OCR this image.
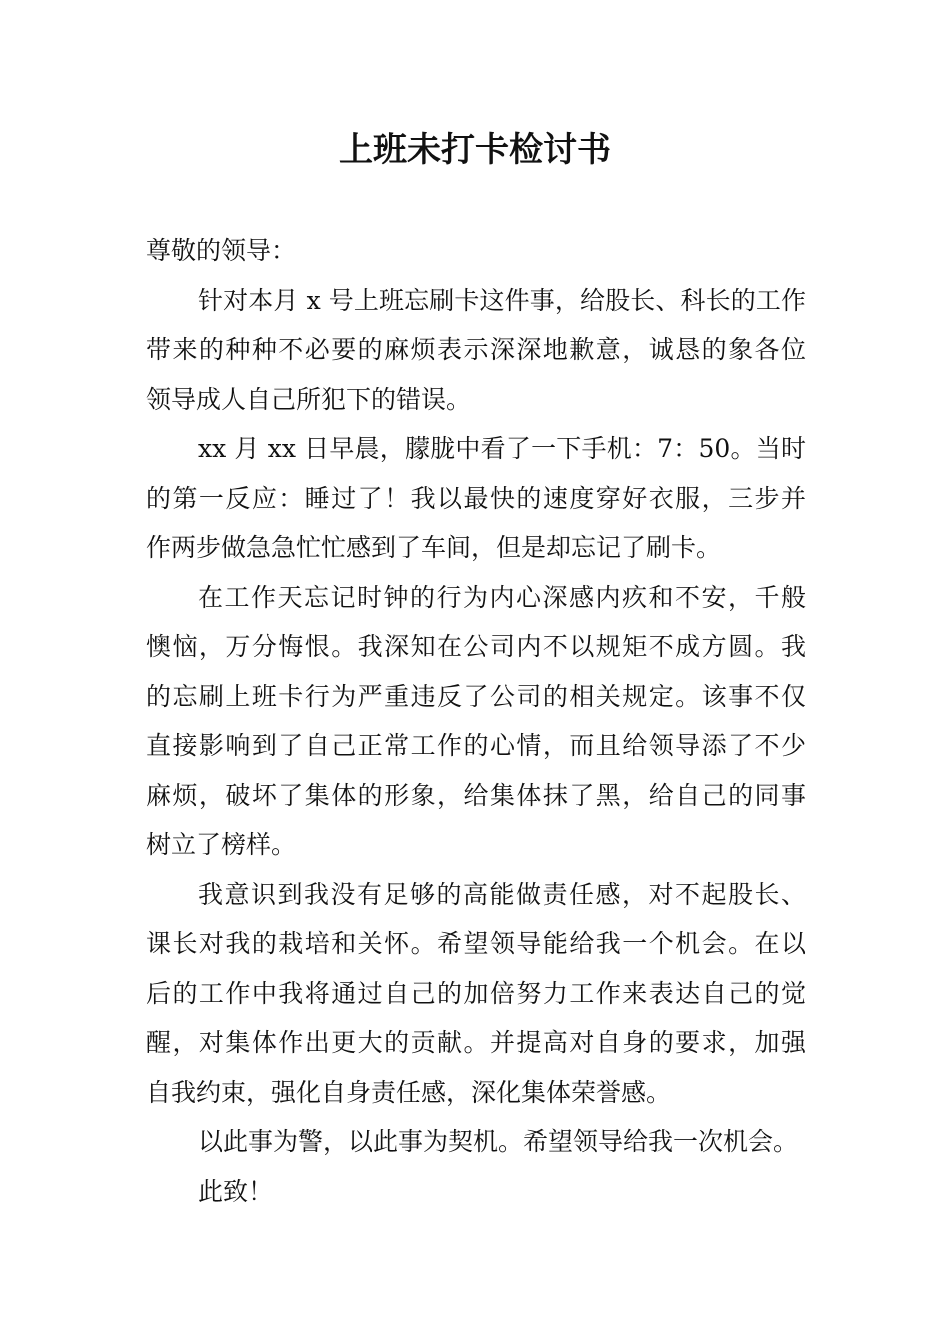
上班未打卡检讨书
尊敬的领导：
针对本月 x 号上班忘刷卡这件事，给股长、科长的工作
带来的种种不必要的麻烦表示深深地歉意，诚恳的象各位
领导成人自己所犯下的错误。
xx 月 xx 日早晨，朦胧中看了一下手机：7：50。当时
的第一反应：睡过了！我以最快的速度穿好衣服，三步并
作两步做急急忙忙感到了车间，但是却忘记了刷卡。
在工作天忘记时钟的行为内心深感内疚和不安，千般
懊恼，万分悔恨。我深知在公司内不以规矩不成方圆。我
的忘刷上班卡行为严重违反了公司的相关规定。该事不仅
直接影响到了自己正常工作的心情，而且给领导添了不少
麻烦，破坏了集体的形象，给集体抹了黑，给自己的同事
树立了榜样。
我意识到我没有足够的高能做责任感，对不起股长、
课长对我的栽培和关怀。希望领导能给我一个机会。在以
后的工作中我将通过自己的加倍努力工作来表达自己的觉
醒，对集体作出更大的贡献。并提高对自身的要求，加强
自我约束，强化自身责任感，深化集体荣誉感。
以此事为警，以此事为契机。希望领导给我一次机会。
此致！
